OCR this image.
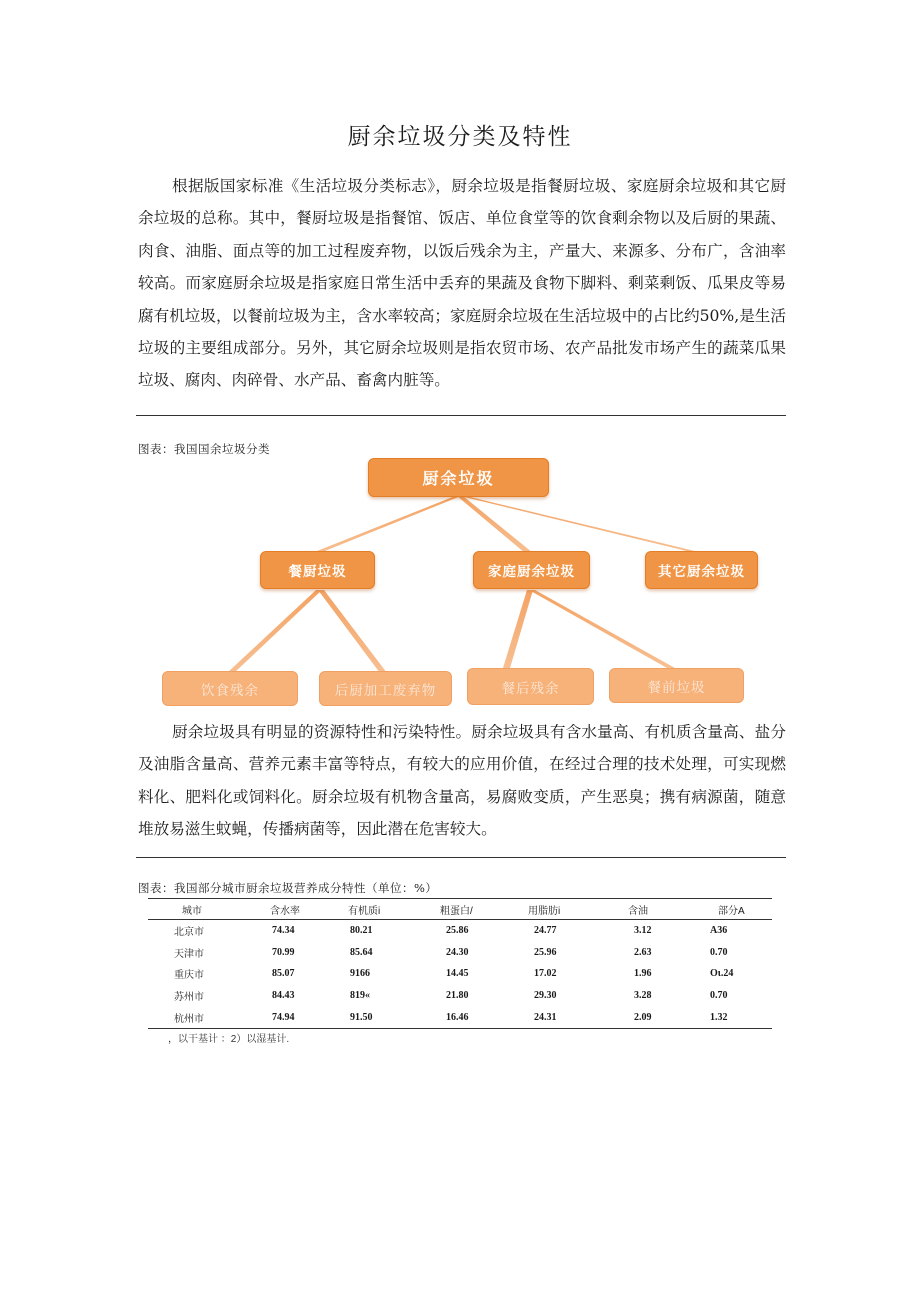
厨余垃圾分类及特性

根据版国家标准《生活垃圾分类标志》，厨余垃圾是指餐厨垃圾、家庭厨余垃圾和其它厨余垃圾的总称。其中，餐厨垃圾是指餐馆、饭店、单位食堂等的饮食剩余物以及后厨的果蔬、肉食、油脂、面点等的加工过程废弃物，以饭后残余为主，产量大、来源多、分布广，含油率较高。而家庭厨余垃圾是指家庭日常生活中丢弃的果蔬及食物下脚料、剩菜剩饭、瓜果皮等易腐有机垃圾，以餐前垃圾为主，含水率较高；家庭厨余垃圾在生活垃圾中的占比约50%,是生活垃圾的主要组成部分。另外，其它厨余垃圾则是指农贸市场、农产品批发市场产生的蔬菜瓜果垃圾、腐肉、肉碎骨、水产品、畜禽内脏等。

图表：我国国余垃圾分类
厨余垃圾
餐厨垃圾	家庭厨余垃圾	其它厨余垃圾
饮食残余	后厨加工废弃物	餐后残余	餐前垃圾

厨余垃圾具有明显的资源特性和污染特性。厨余垃圾具有含水量高、有机质含量高、盐分及油脂含量高、营养元素丰富等特点，有较大的应用价值，在经过合理的技术处理，可实现燃料化、肥料化或饲料化。厨余垃圾有机物含量高，易腐败变质，产生恶臭；携有病源菌，随意堆放易滋生蚊蝇，传播病菌等，因此潜在危害较大。

图表：我国部分城市厨余垃圾营养成分特性（单位：%）
城市	含水率	有机质i	粗蛋白/	用脂肪i	含油	部分A
北京市	74.34	80.21	25.86	24.77	3.12	A36
天津市	70.99	85.64	24.30	25.96	2.63	0.70
重庆市	85.07	9166	14.45	17.02	1.96	Oι.24
苏州市	84.43	819«	21.80	29.30	3.28	0.70
杭州市	74.94	91.50	16.46	24.31	2.09	1.32
，以干基计 ：2）以湿基计.
